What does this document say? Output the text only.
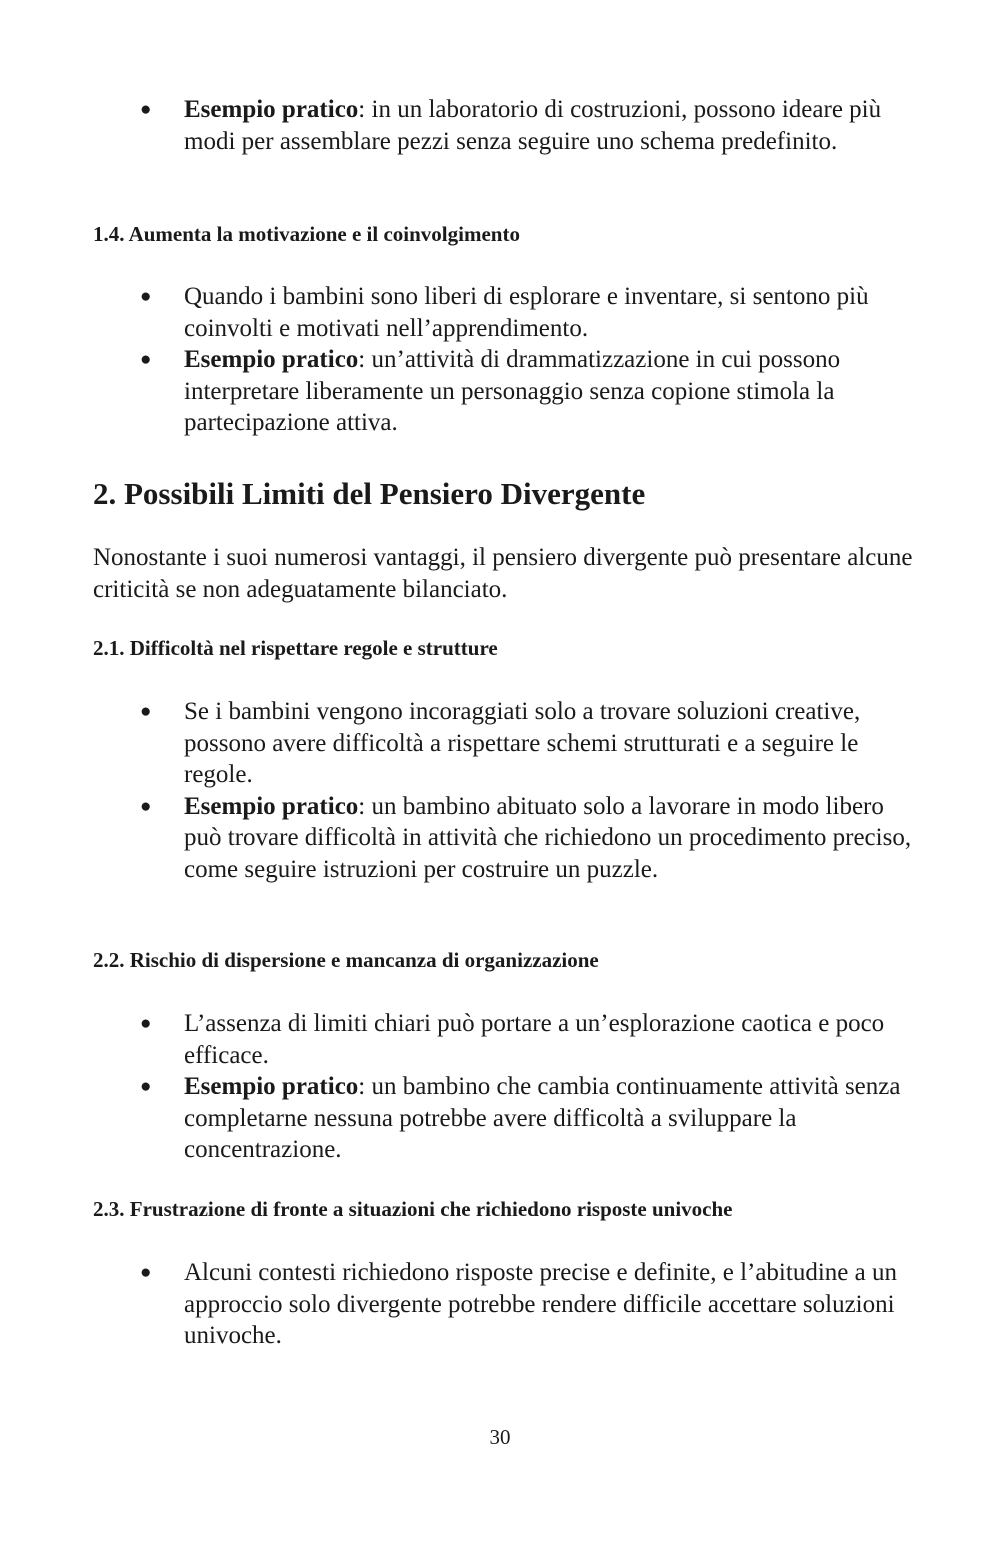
● Esempio pratico: in un laboratorio di costruzioni, possono ideare più modi per assemblare pezzi senza seguire uno schema predefinito.
1.4. Aumenta la motivazione e il coinvolgimento
● Quando i bambini sono liberi di esplorare e inventare, si sentono più coinvolti e motivati nell’apprendimento.
● Esempio pratico: un’attività di drammatizzazione in cui possono interpretare liberamente un personaggio senza copione stimola la partecipazione attiva.
2. Possibili Limiti del Pensiero Divergente

Nonostante i suoi numerosi vantaggi, il pensiero divergente può presentare alcune criticità se non adeguatamente bilanciato.

2.1. Difficoltà nel rispettare regole e strutture
● Se i bambini vengono incoraggiati solo a trovare soluzioni creative, possono avere difficoltà a rispettare schemi strutturati e a seguire le regole.
● Esempio pratico: un bambino abituato solo a lavorare in modo libero può trovare difficoltà in attività che richiedono un procedimento preciso, come seguire istruzioni per costruire un puzzle.
2.2. Rischio di dispersione e mancanza di organizzazione
● L’assenza di limiti chiari può portare a un’esplorazione caotica e poco efficace.
● Esempio pratico: un bambino che cambia continuamente attività senza completarne nessuna potrebbe avere difficoltà a sviluppare la concentrazione.
2.3. Frustrazione di fronte a situazioni che richiedono risposte univoche
● Alcuni contesti richiedono risposte precise e definite, e l’abitudine a un approccio solo divergente potrebbe rendere difficile accettare soluzioni univoche.
30
